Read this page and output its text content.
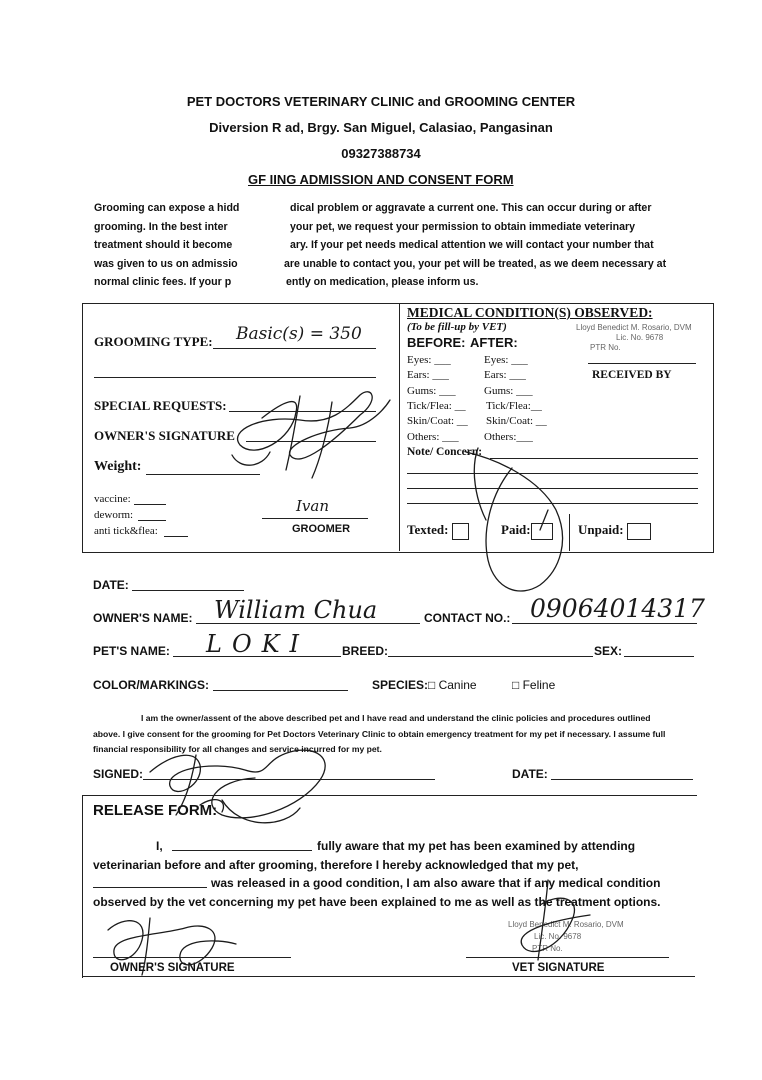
PET DOCTORS VETERINARY CLINIC and GROOMING CENTER
Diversion R ad, Brgy. San Miguel, Calasiao, Pangasinan
09327388734
GF IING ADMISSION AND CONSENT FORM
Grooming can expose a hidd	dical problem or aggravate a current one. This can occur during or after
grooming. In the best inter	your pet, we request your permission to obtain immediate veterinary
treatment should it become	ary. If your pet needs medical attention we will contact your number that
was given to us on admissio	are unable to contact you, your pet will be treated, as we deem necessary at
normal clinic fees. If your p	ently on medication, please inform us.
GROOMING TYPE: Basic(s) = 350
SPECIAL REQUESTS:
OWNER'S SIGNATURE
Weight:
vaccine:
deworm:
anti tick&flea:
Ivan
GROOMER
MEDICAL CONDITION(S) OBSERVED:
(To be fill-up by VET)
BEFORE: AFTER:
Eyes: ___	Eyes: ___
Ears: ___	Ears: ___
Gums: ___	Gums: ___
Tick/Flea: __ Tick/Flea:__
Skin/Coat: __ Skin/Coat: __
Others: ___ Others:___
Note/ Concern:
Lloyd Benedict M. Rosario, DVM
Lic. No. 9678
PTR No.
RECEIVED BY
Texted:	Paid:	Unpaid:
DATE:
OWNER'S NAME: William Chua	CONTACT NO.: 09064014317
PET'S NAME: LOKI	BREED:	SEX:
COLOR/MARKINGS:	SPECIES: □ Canine	□ Feline
I am the owner/assent of the above described pet and I have read and understand the clinic policies and procedures outlined
above. I give consent for the grooming for Pet Doctors Veterinary Clinic to obtain emergency treatment for my pet if necessary. I assume full
financial responsibility for all changes and service incurred for my pet.
SIGNED:	DATE:
RELEASE FORM:
I,	fully aware that my pet has been examined by attending
veterinarian before and after grooming, therefore I hereby acknowledged that my pet,
was released in a good condition, I am also aware that if any medical condition
observed by the vet concerning my pet have been explained to me as well as the treatment options.
OWNER'S SIGNATURE	VET SIGNATURE
Lloyd Benedict M. Rosario, DVM
Lic. No. 9678
PTR No.
